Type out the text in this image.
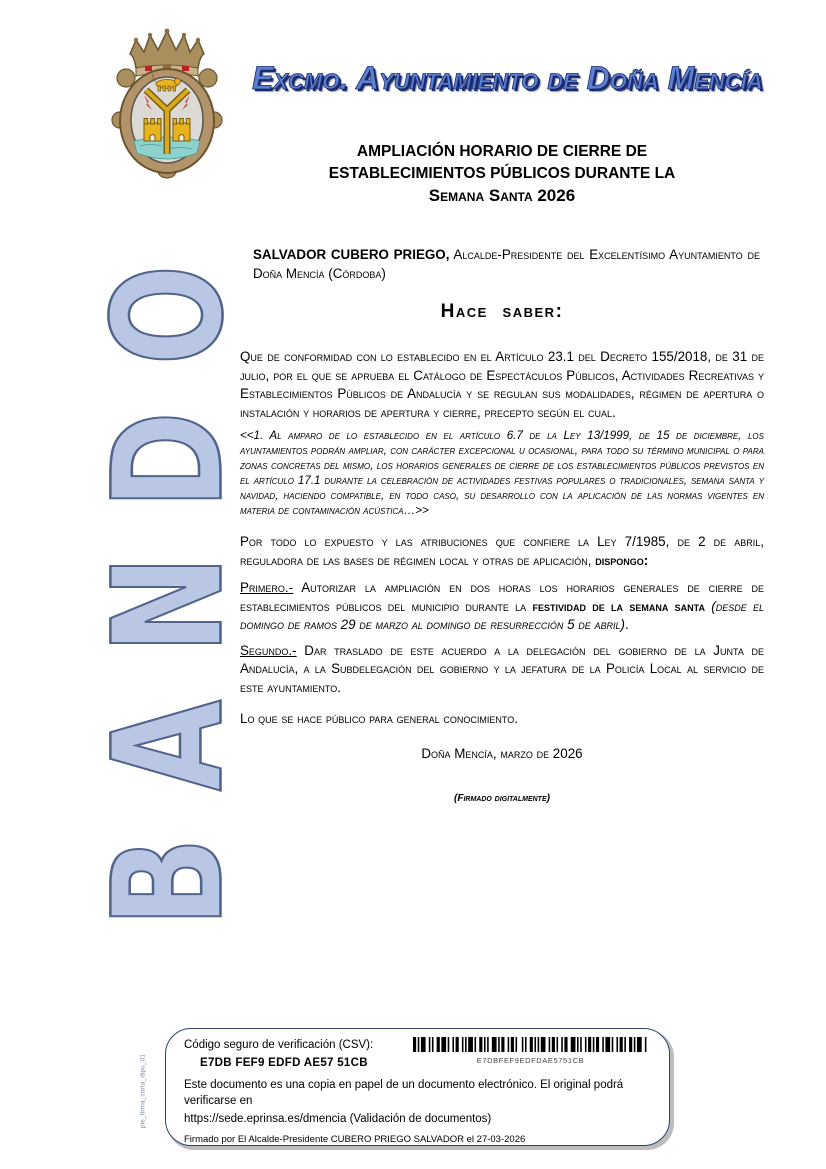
Excmo. Ayuntamiento de Doña Mencía
AMPLIACIÓN HORARIO DE CIERRE DE
ESTABLECIMIENTOS PÚBLICOS DURANTE LA
Semana Santa 2026
BANDO

SALVADOR CUBERO PRIEGO, Alcalde-Presidente del Excelentísimo Ayuntamiento de Doña Mencía (Córdoba)

Hace saber:

Que de conformidad con lo establecido en el Artículo 23.1 del Decreto 155/2018, de 31 de julio, por el que se aprueba el Catálogo de Espectáculos Públicos, Actividades Recreativas y Establecimientos Públicos de Andalucía y se regulan sus modalidades, régimen de apertura o instalación y horarios de apertura y cierre, precepto según el cual.

<<1. Al amparo de lo establecido en el artículo 6.7 de la Ley 13/1999, de 15 de diciembre, los ayuntamientos podrán ampliar, con carácter excepcional u ocasional, para todo su término municipal o para zonas concretas del mismo, los horarios generales de cierre de los establecimientos públicos previstos en el artículo 17.1 durante la celebración de actividades festivas populares o tradicionales, semana santa y navidad, haciendo compatible, en todo caso, su desarrollo con la aplicación de las normas vigentes en materia de contaminación acústica…>>

Por todo lo expuesto y las atribuciones que confiere la Ley 7/1985, de 2 de abril, reguladora de las bases de régimen local y otras de aplicación, dispongo:

Primero.- Autorizar la ampliación en dos horas los horarios generales de cierre de establecimientos públicos del municipio durante la festividad de la semana santa (desde el domingo de ramos 29 de marzo al domingo de resurrección 5 de abril).

Segundo.- Dar traslado de este acuerdo a la delegación del gobierno de la Junta de Andalucía, a la Subdelegación del gobierno y la jefatura de la Policía Local al servicio de este ayuntamiento.

Lo que se hace público para general conocimiento.

Doña Mencía, marzo de 2026

(Firmado digitalmente)

Código seguro de verificación (CSV):
E7DB FEF9 EDFD AE57 51CB	E7DBFEF9EDFDAE5751CB
Este documento es una copia en papel de un documento electrónico. El original podrá verificarse en
https://sede.eprinsa.es/dmencia (Validación de documentos)
Firmado por El Alcalde-Presidente CUBERO PRIEGO SALVADOR el 27-03-2026
pie_firma_corta_dipu_01
